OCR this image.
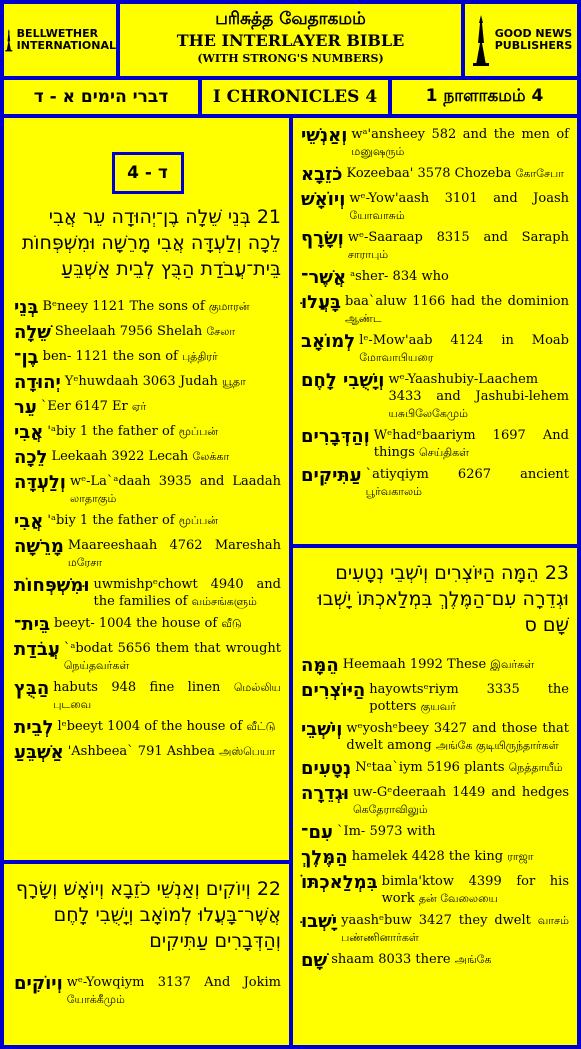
BELLWETHER
INTERNATIONAL
பரிசுத்த வேதாகமம்
THE INTERLAYER BIBLE
(WITH STRONG'S NUMBERS)
GOOD NEWS
PUBLISHERS
דברי הימים א - ד	I CHRONICLES 4	1 நாளாகமம் 4
ד - 4
21 בְּנֵי שֵׁלָה בֶן־יְהוּדָה עֵר אֲבִי לֵכָה וְלַעְדָּה אֲבִי מָרֵשָׁה וּמִשְׁפְּחוֹת בֵּית־עֲבֹדַת הַבֻּץ לְבֵית אַשְׁבֵּעַ
בְּנֵי Bᵉneey 1121 The sons of குமாரன்
שֵׁלָה Sheelaah 7956 Shelah சேலா
בֶן־ ben- 1121 the son of புத்திரர்
יְהוּדָה Yᵉhuwdaah 3063 Judah யூதா
עֵר `Eer 6147 Er ஏர்
אֲבִי 'ᵃbiy 1 the father of மூப்பன்
לֵכָה Leekaah 3922 Lecah லேக்கா
וְלַעְדָּה wᵉ-La`ᵃdaah 3935 and Laadah லாதாகும்
אֲבִי 'ᵃbiy 1 the father of மூப்பன்
מָרֵשָׁה Maareeshaah 4762 Mareshah மரேசா
וּמִשְׁפְּחוֹת uwmishpᵉchowt 4940 and the families of வம்சங்களும்
בֵּית־ beeyt- 1004 the house of வீடு
עֲבֹדַת `ᵃbodat 5656 them that wrought நெய்தவர்கள்
הַבֻּץ habuts 948 fine linen மெல்லிய புடவை
לְבֵית lᵉbeeyt 1004 of the house of வீட்டு
אַשְׁבֵּעַ 'Ashbeea` 791 Ashbea அஸ்பெயா
22 וְיוֹקִים וְאַנְשֵׁי כֹזֵבָא וְיוֹאָשׁ וְשָׂרָף אֲשֶׁר־בָּעֲלוּ לְמוֹאָב וְיָשֻׁבִי לָחֶם וְהַדְּבָרִים עַתִּיקִים
וְיוֹקִים wᵉ-Yowqiym 3137 And Jokim யோக்கீமும்
וְאַנְשֵׁי wᵃ'ansheey 582 and the men of மனுஷரும்
כֹזֵבָא Kozeebaa' 3578 Chozeba கோசேபா
וְיוֹאָשׁ wᵉ-Yow'aash 3101 and Joash யோவாசும்
וְשָׂרָף wᵉ-Saaraap 8315 and Saraph சாராபும்
אֲשֶׁר־ ᵃsher- 834 who
בָּעֲלוּ baa`aluw 1166 had the dominion ஆண்ட
לְמוֹאָב lᵉ-Mow'aab 4124 in Moab மோவாபியரை
וְיָשֻׁבִי לָחֶם wᵉ-Yaashubiy-Laachem 3433 and Jashubi-lehem யசுபிலேகேமும்
וְהַדְּבָרִים Wᵉhadᵉbaariym 1697 And things செய்திகள்
עַתִּיקִים `atiyqiym 6267 ancient பூர்வகாலம்
23 הֵמָּה הַיּוֹצְרִים וְיֹשְׁבֵי נְטָעִים וּגְדֵרָה עִם־הַמֶּלֶךְ בִּמְלַאכְתּוֹ יָשְׁבוּ שָׁם ס
הֵמָּה Heemaah 1992 These இவர்கள்
הַיּוֹצְרִים hayowtsᵉriym 3335 the potters குயவர்
וְיֹשְׁבֵי wᵉyoshᵉbeey 3427 and those that dwelt among அங்கே குடியிருந்தார்கள்
נְטָעִים Nᵉtaa`iym 5196 plants நெத்தாயீம்
וּגְדֵרָה uw-Gᵉdeeraah 1449 and hedges கெதேராவிலும்
עִם־ `Im- 5973 with
הַמֶּלֶךְ hamelek 4428 the king ராஜா
בִּמְלַאכְתּוֹ bimla'ktow 4399 for his work தன் வேலையை
יָשְׁבוּ yaashᵉbuw 3427 they dwelt வாசம் பண்ணினார்கள்
שָׁם shaam 8033 there அங்கே
